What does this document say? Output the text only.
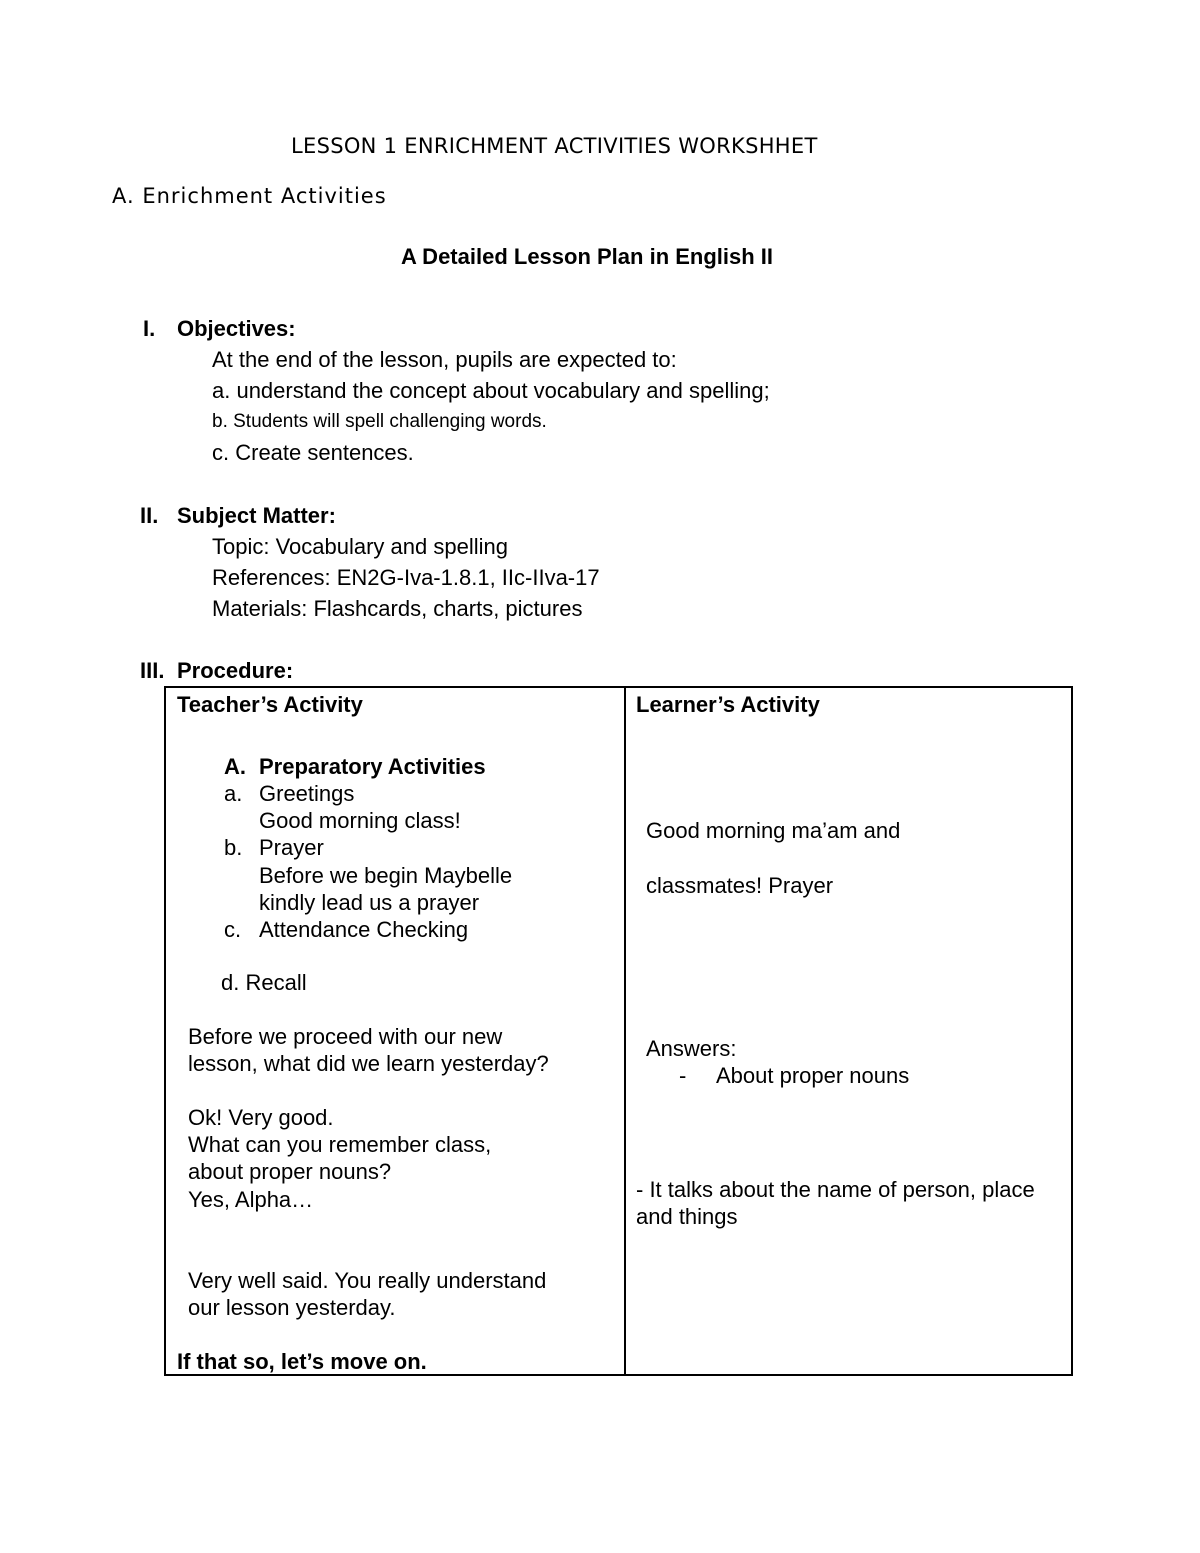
LESSON 1 ENRICHMENT ACTIVITIES WORKSHHET
A. Enrichment Activities
A Detailed Lesson Plan in English II
I. Objectives:
At the end of the lesson, pupils are expected to:
a. understand the concept about vocabulary and spelling;
b. Students will spell challenging words.
c. Create sentences.
II. Subject Matter:
Topic: Vocabulary and spelling
References: EN2G-Iva-1.8.1, IIc-IIva-17
Materials: Flashcards, charts, pictures
III. Procedure:
Teacher’s Activity
A. Preparatory Activities
a. Greetings
Good morning class!
b. Prayer
Before we begin Maybelle
kindly lead us a prayer
c. Attendance Checking
d. Recall
Before we proceed with our new
lesson, what did we learn yesterday?
Ok! Very good.
What can you remember class,
about proper nouns?
Yes, Alpha…
Very well said. You really understand
our lesson yesterday.
If that so, let’s move on.
Learner’s Activity
Good morning ma’am and
classmates! Prayer
Answers:
- About proper nouns
- It talks about the name of person, place
and things
